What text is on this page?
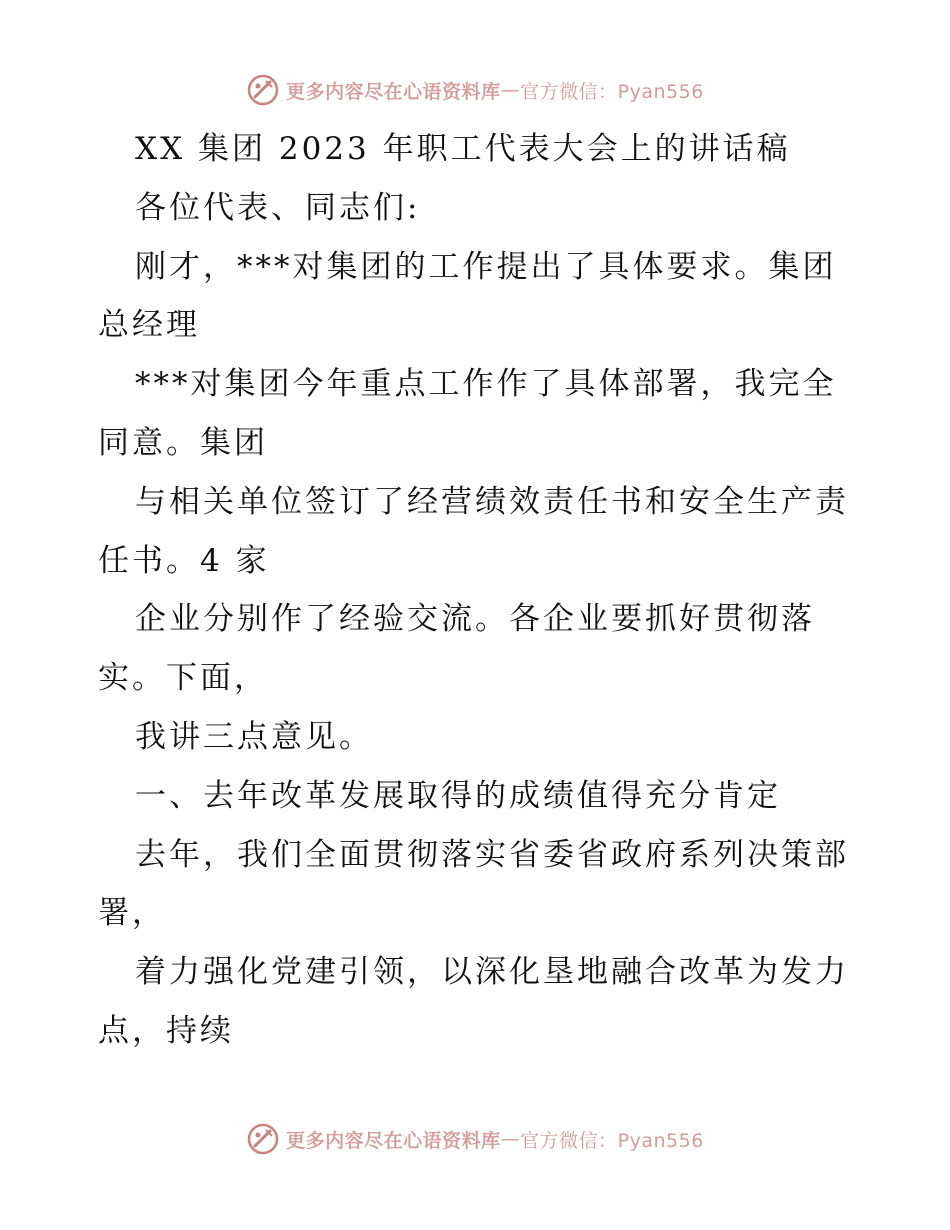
更多内容尽在心语资料库 — 官方微信：Pyan556
XX 集团 2023 年职工代表大会上的讲话稿
各位代表、同志们:
刚才，***对集团的工作提出了具体要求。集团
总经理
***对集团今年重点工作作了具体部署，我完全
同意。集团
与相关单位签订了经营绩效责任书和安全生产责
任书。4 家
企业分别作了经验交流。各企业要抓好贯彻落
实。下面，
我讲三点意见。
一、去年改革发展取得的成绩值得充分肯定
去年，我们全面贯彻落实省委省政府系列决策部
署，
着力强化党建引领，以深化垦地融合改革为发力
点，持续
更多内容尽在心语资料库 — 官方微信：Pyan556
